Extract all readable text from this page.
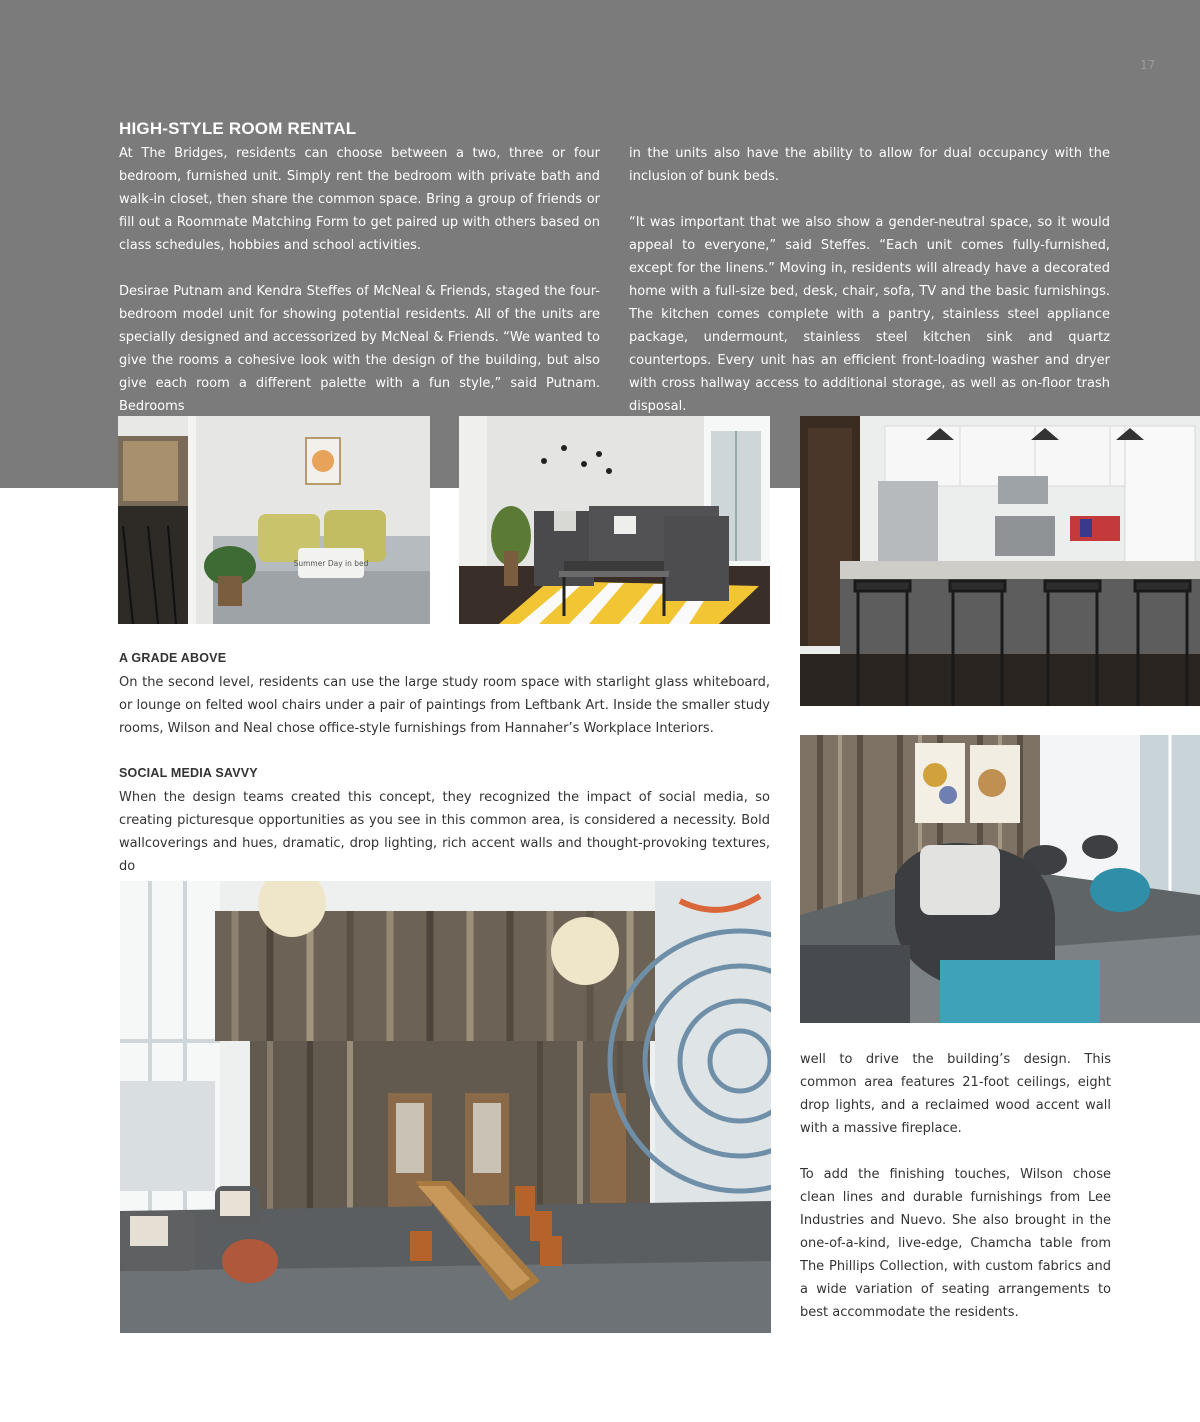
17
HIGH-STYLE ROOM RENTAL

At The Bridges, residents can choose between a two, three or four bedroom, furnished unit. Simply rent the bedroom with private bath and walk-in closet, then share the common space. Bring a group of friends or fill out a Roommate Matching Form to get paired up with others based on class schedules, hobbies and school activities.

Desirae Putnam and Kendra Steffes of McNeal & Friends, staged the four-bedroom model unit for showing potential residents. All of the units are specially designed and accessorized by McNeal & Friends. “We wanted to give the rooms a cohesive look with the design of the building, but also give each room a different palette with a fun style,” said Putnam. Bedrooms

in the units also have the ability to allow for dual occupancy with the inclusion of bunk beds.

“It was important that we also show a gender-neutral space, so it would appeal to everyone,” said Steffes. “Each unit comes fully-furnished, except for the linens.” Moving in, residents will already have a decorated home with a full-size bed, desk, chair, sofa, TV and the basic furnishings. The kitchen comes complete with a pantry, stainless steel appliance package, undermount, stainless steel kitchen sink and quartz countertops. Every unit has an efficient front-loading washer and dryer with cross hallway access to additional storage, as well as on-floor trash disposal.

Summer Day in bed
A GRADE ABOVE

On the second level, residents can use the large study room space with starlight glass whiteboard, or lounge on felted wool chairs under a pair of paintings from Leftbank Art. Inside the smaller study rooms, Wilson and Neal chose office-style furnishings from Hannaher’s Workplace Interiors.

SOCIAL MEDIA SAVVY

When the design teams created this concept, they recognized the impact of social media, so creating picturesque opportunities as you see in this common area, is considered a necessity. Bold wallcoverings and hues, dramatic, drop lighting, rich accent walls and thought-provoking textures, do

well to drive the building’s design. This common area features 21-foot ceilings, eight drop lights, and a reclaimed wood accent wall with a massive fireplace.

To add the finishing touches, Wilson chose clean lines and durable furnishings from Lee Industries and Nuevo. She also brought in the one-of-a-kind, live-edge, Chamcha table from The Phillips Collection, with custom fabrics and a wide variation of seating arrangements to best accommodate the residents.
